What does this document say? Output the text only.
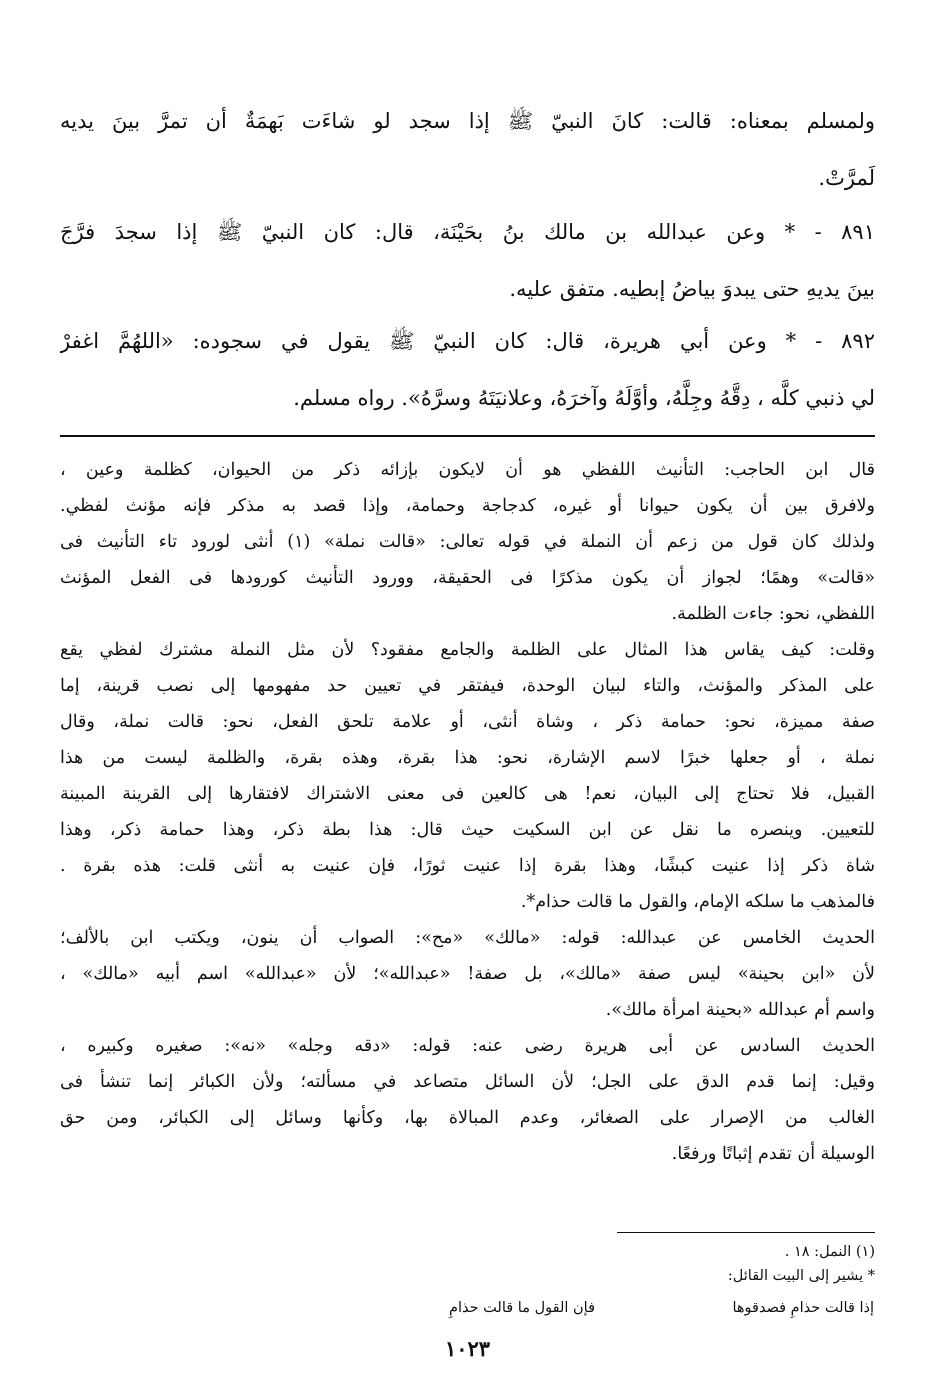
ولمسلم بمعناه: قالت: كانَ النبيّ ﷺ إذا سجد لو شاءَت بَهمَةٌ أن تمرَّ بينَ يديه
لَمرَّتْ.
٨٩١ - * وعن عبدالله بن مالك بنُ بحَيْنَة، قال: كان النبيّ ﷺ إذا سجدَ فرَّجَ
بينَ يديهِ حتى يبدوَ بياضُ إبطيه. متفق عليه.
٨٩٢ - * وعن أبي هريرة، قال: كان النبيّ ﷺ يقول في سجوده: «اللهُمَّ اغفرْ
لي ذنبي كلَّه ، دِقَّهُ وجِلَّهُ، وأوَّلَهُ وآخرَهُ، وعلانيَتَهُ وسرَّهُ». رواه مسلم.
قال ابن الحاجب: التأنيث اللفظي هو أن لايكون بإزائه ذكر من الحيوان، كظلمة وعين ،
ولافرق بين أن يكون حيوانا أو غيره، كدجاجة وحمامة، وإذا قصد به مذكر فإنه مؤنث لفظي.
ولذلك كان قول من زعم أن النملة في قوله تعالى: «قالت نملة» (١) أنثى لورود تاء التأنيث فى
«قالت» وهمًا؛ لجواز أن يكون مذكرًا فى الحقيقة، وورود التأنيث كورودها فى الفعل المؤنث
اللفظي، نحو: جاءت الظلمة.
وقلت: كيف يقاس هذا المثال على الظلمة والجامع مفقود؟ لأن مثل النملة مشترك لفظي يقع
على المذكر والمؤنث، والتاء لبيان الوحدة، فيفتقر في تعيين حد مفهومها إلى نصب قرينة، إما
صفة مميزة، نحو: حمامة ذكر ، وشاة أنثى، أو علامة تلحق الفعل، نحو: قالت نملة، وقال
نملة ، أو جعلها خبرًا لاسم الإشارة، نحو: هذا بقرة، وهذه بقرة، والظلمة ليست من هذا
القبيل، فلا تحتاج إلى البيان، نعم! هى كالعين فى معنى الاشتراك لافتقارها إلى القرينة المبينة
للتعيين. وينصره ما نقل عن ابن السكيت حيث قال: هذا بطة ذكر، وهذا حمامة ذكر، وهذا
شاة ذكر إذا عنيت كبشًا، وهذا بقرة إذا عنيت ثورًا، فإن عنيت به أنثى قلت: هذه بقرة .
فالمذهب ما سلكه الإمام، والقول ما قالت حذام*.
الحديث الخامس عن عبدالله: قوله: «مالك» «مح»: الصواب أن ينون، ويكتب ابن بالألف؛
لأن «ابن بحينة» ليس صفة «مالك»، بل صفة! «عبدالله»؛ لأن «عبدالله» اسم أبيه «مالك» ،
واسم أم عبدالله «بحينة امرأة مالك».
الحديث السادس عن أبى هريرة رضى عنه: قوله: «دقه وجله» «نه»: صغيره وكبيره ،
وقيل: إنما قدم الدق على الجل؛ لأن السائل متصاعد في مسألته؛ ولأن الكبائر إنما تنشأ فى
الغالب من الإصرار على الصغائر، وعدم المبالاة بها، وكأنها وسائل إلى الكبائر، ومن حق
الوسيلة أن تقدم إثباتًا ورفعًا.
(١) النمل: ١٨ .
* يشير إلى البيت القائل:
إذا قالت حذامِ فصدقوها
فإن القول ما قالت حذامِ
١٠٢٣
